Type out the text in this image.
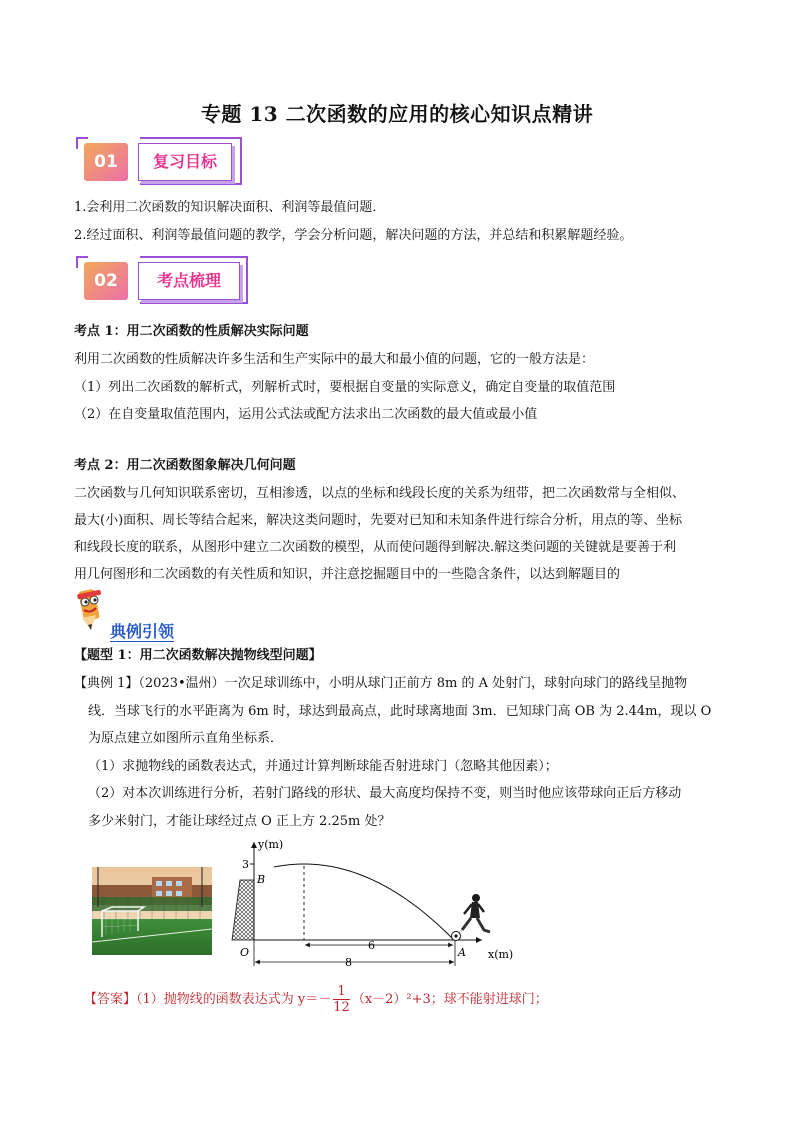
专题 13 二次函数的应用的核心知识点精讲
01	复习目标
1.会利用二次函数的知识解决面积、利润等最值问题．
2.经过面积、利润等最值问题的教学，学会分析问题，解决问题的方法，并总结和积累解题经验。
02	考点梳理
考点 1：用二次函数的性质解决实际问题
利用二次函数的性质解决许多生活和生产实际中的最大和最小值的问题，它的一般方法是：
（1）列出二次函数的解析式，列解析式时，要根据自变量的实际意义，确定自变量的取值范围
（2）在自变量取值范围内，运用公式法或配方法求出二次函数的最大值或最小值
考点 2：用二次函数图象解决几何问题
二次函数与几何知识联系密切，互相渗透，以点的坐标和线段长度的关系为纽带，把二次函数常与全相似、
最大(小)面积、周长等结合起来，解决这类问题时，先要对已知和未知条件进行综合分析，用点的等、坐标
和线段长度的联系，从图形中建立二次函数的模型，从而使问题得到解决.解这类问题的关键就是要善于利
用几何图形和二次函数的有关性质和知识，并注意挖掘题目中的一些隐含条件，以达到解题目的
典例引领
【题型 1：用二次函数解决抛物线型问题】
【典例 1】（2023•温州）一次足球训练中，小明从球门正前方 8m 的 A 处射门，球射向球门的路线呈抛物
线．当球飞行的水平距离为 6m 时，球达到最高点，此时球离地面 3m．已知球门高 OB 为 2.44m，现以 O
为原点建立如图所示直角坐标系．
（1）求抛物线的函数表达式，并通过计算判断球能否射进球门（忽略其他因素）；
（2）对本次训练进行分析，若射门路线的形状、最大高度均保持不变，则当时他应该带球向正后方移动
多少米射门，才能让球经过点 O 正上方 2.25m 处？
y(m)
x(m)
3
B
O	A
6
8
【答案】（1）抛物线的函数表达式为 $y=- \frac{1}{12} (x-2)^2+3$；球不能射进球门；
